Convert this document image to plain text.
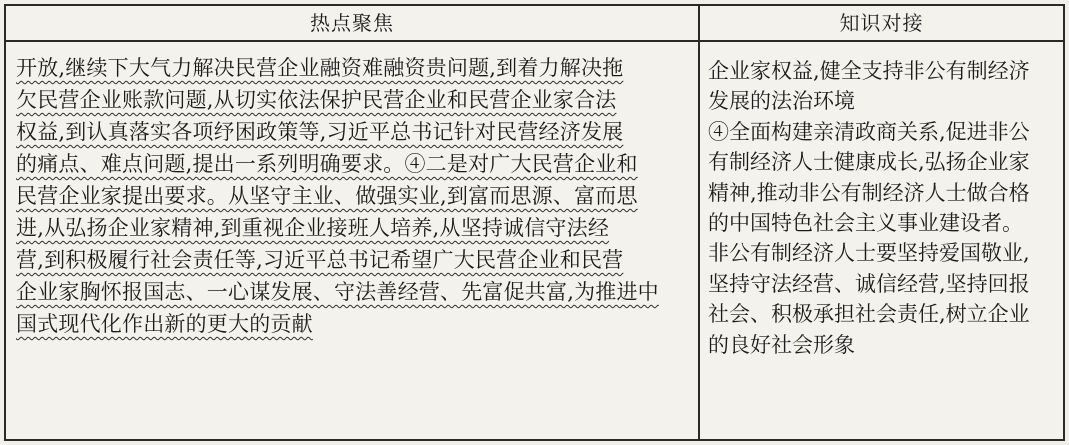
热点聚焦	知识对接
开放,继续下大气力解决民营企业融资难融资贵问题,到着力解决拖
欠民营企业账款问题,从切实依法保护民营企业和民营企业家合法
权益,到认真落实各项纾困政策等,习近平总书记针对民营经济发展
的痛点、难点问题,提出一系列明确要求。④二是对广大民营企业和
民营企业家提出要求。从坚守主业、做强实业,到富而思源、富而思
进,从弘扬企业家精神,到重视企业接班人培养,从坚持诚信守法经
营,到积极履行社会责任等,习近平总书记希望广大民营企业和民营
企业家胸怀报国志、一心谋发展、守法善经营、先富促共富,为推进中
国式现代化作出新的更大的贡献
企业家权益,健全支持非公有制经济
发展的法治环境
④全面构建亲清政商关系,促进非公
有制经济人士健康成长,弘扬企业家
精神,推动非公有制经济人士做合格
的中国特色社会主义事业建设者。
非公有制经济人士要坚持爱国敬业,
坚持守法经营、诚信经营,坚持回报
社会、积极承担社会责任,树立企业
的良好社会形象
